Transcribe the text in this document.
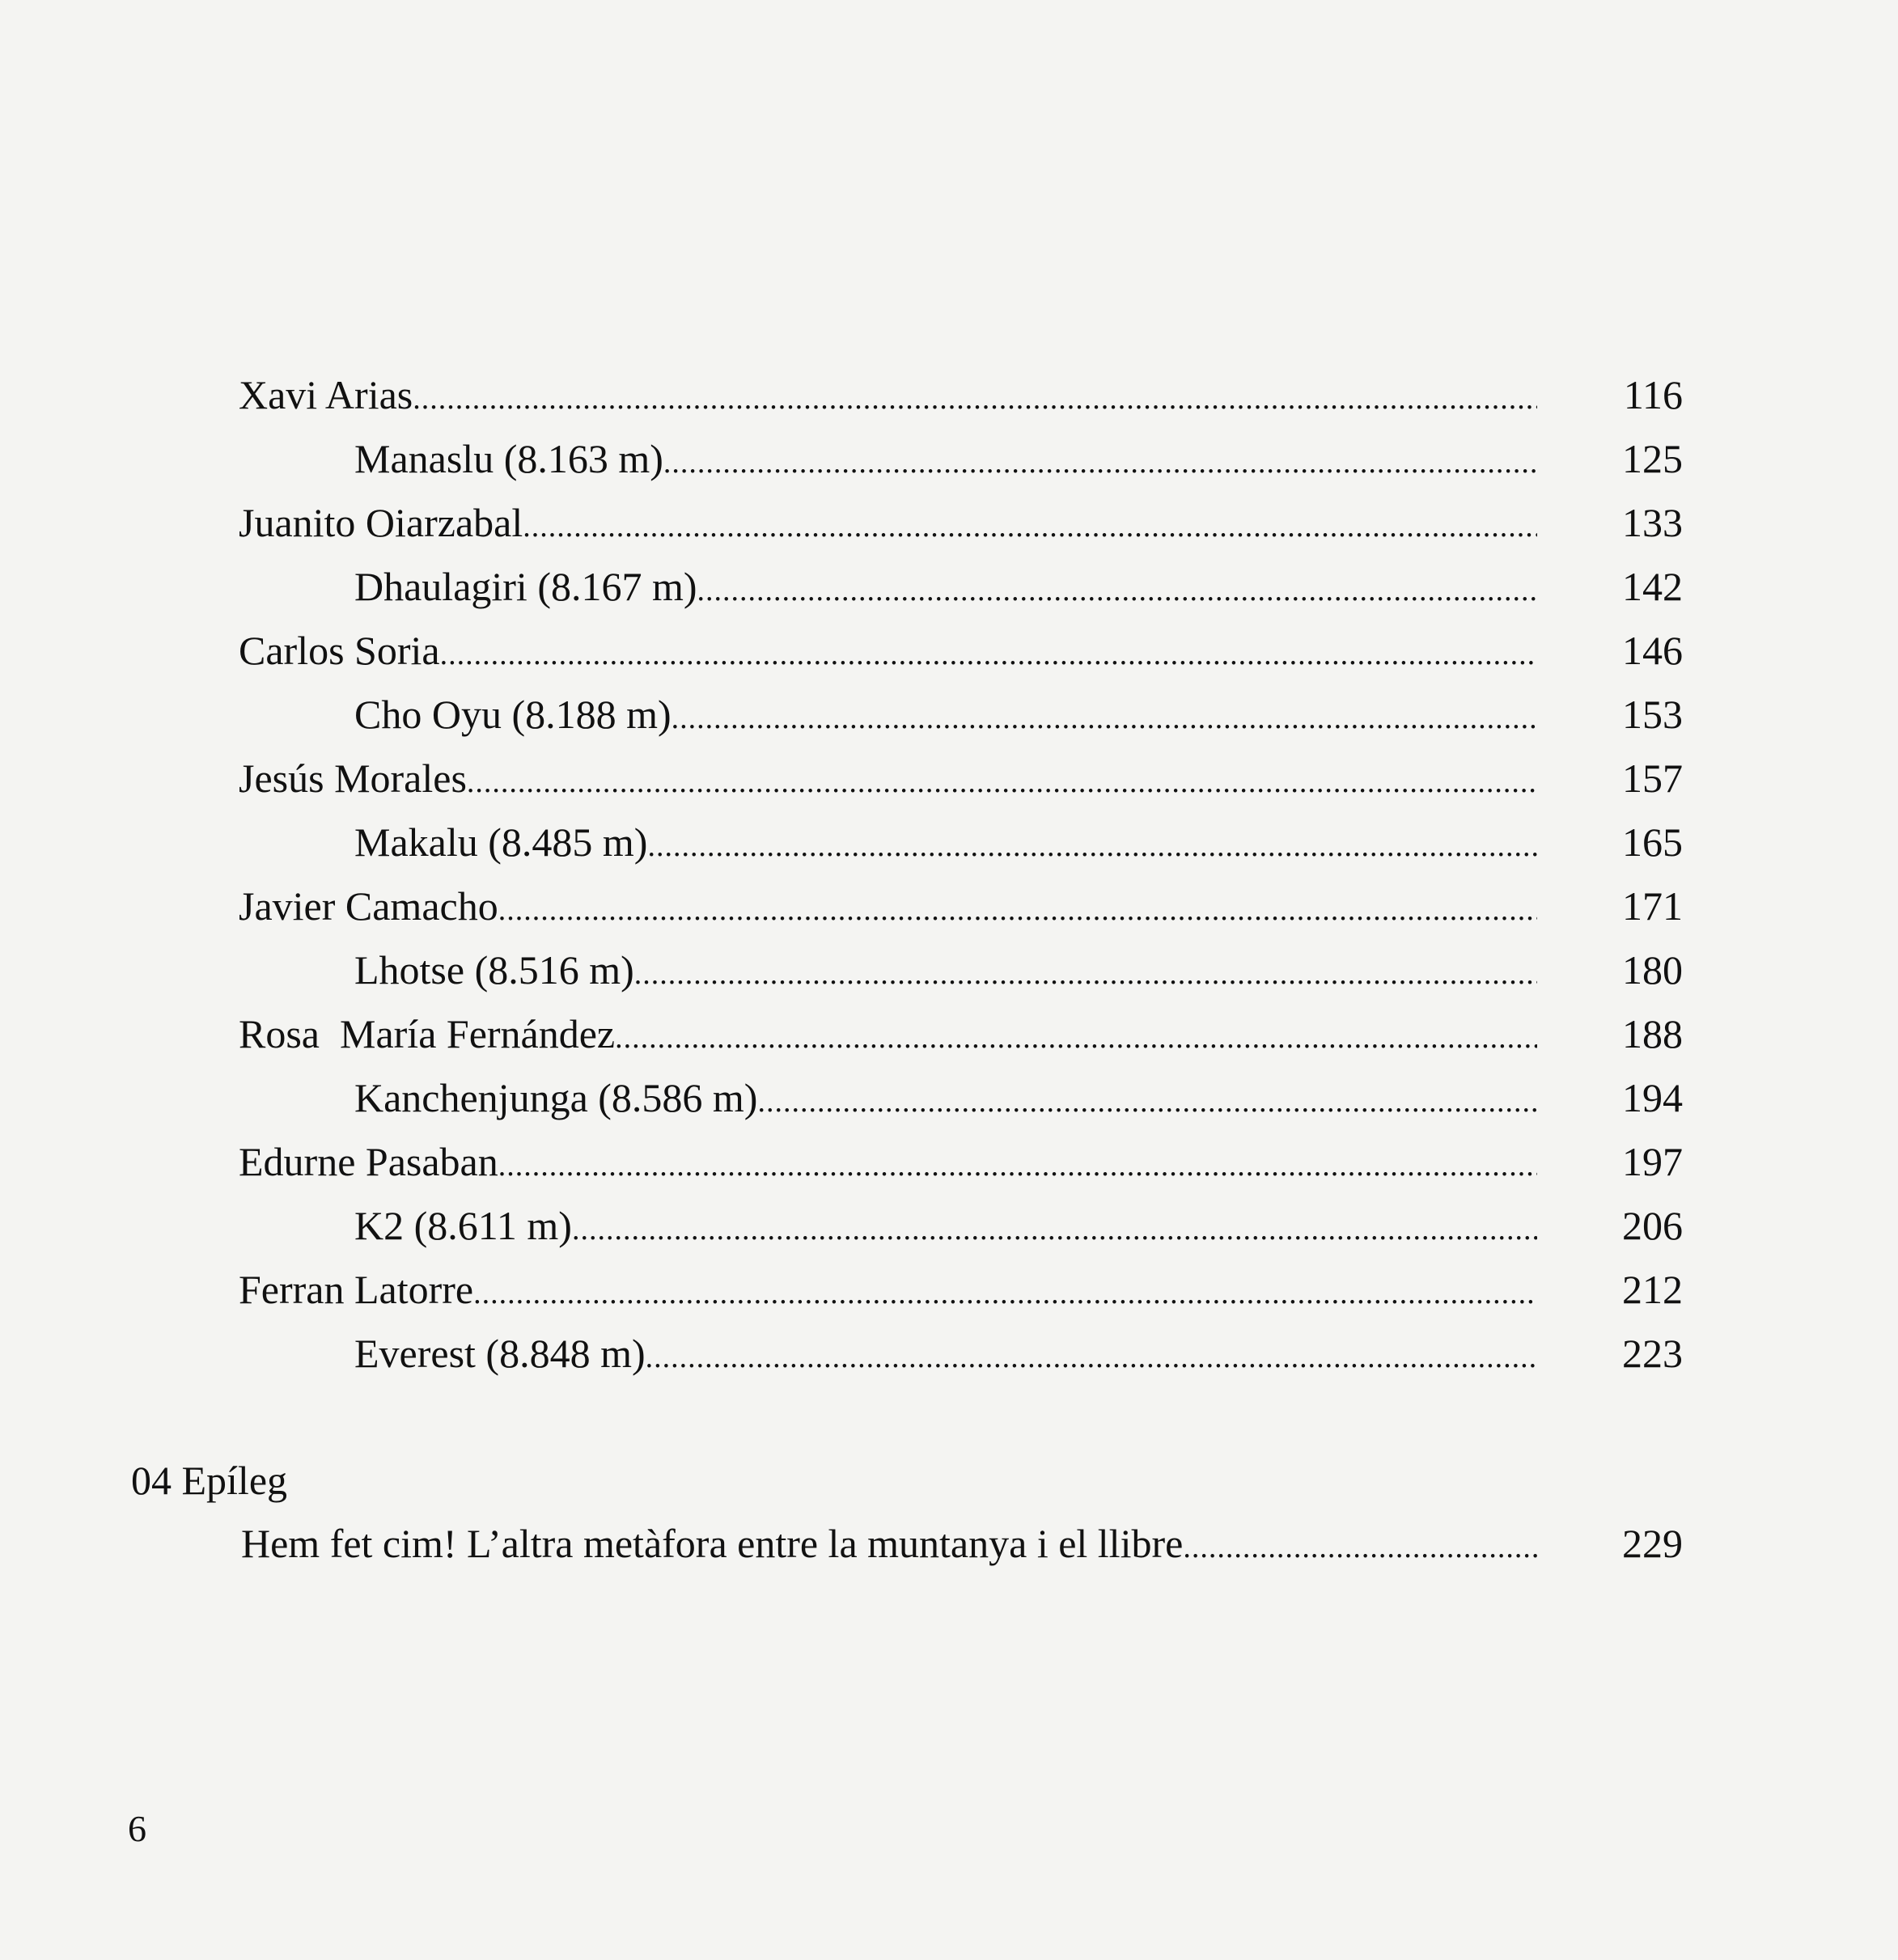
Xavi Arias .....	116
Manaslu (8.163 m) .....	125
Juanito Oiarzabal .....	133
Dhaulagiri (8.167 m) .....	142
Carlos Soria .....	146
Cho Oyu (8.188 m) .....	153
Jesús Morales .....	157
Makalu (8.485 m) .....	165
Javier Camacho .....	171
Lhotse (8.516 m) .....	180
Rosa  María Fernández .....	188
Kanchenjunga (8.586 m) .....	194
Edurne Pasaban .....	197
K2 (8.611 m) .....	206
Ferran Latorre .....	212
Everest (8.848 m) .....	223
04 Epíleg
Hem fet cim! L’altra metàfora entre la muntanya i el llibre .....	229
6
